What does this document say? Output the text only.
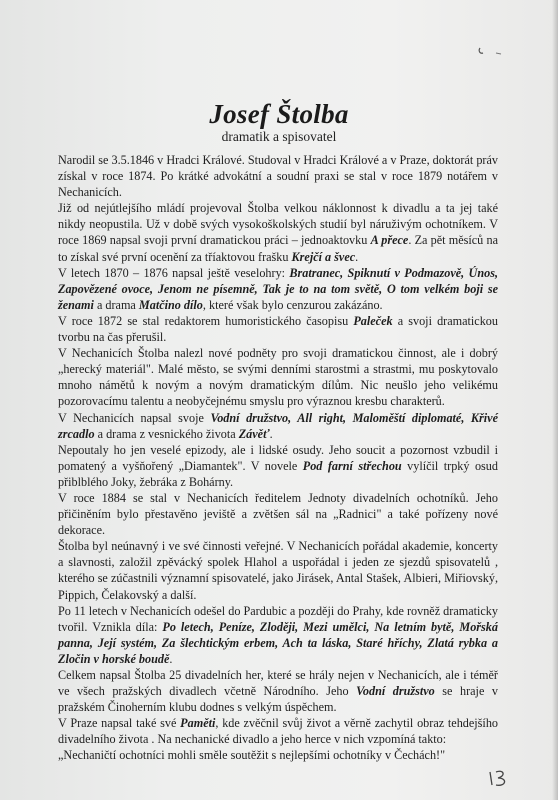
Josef Štolba
dramatik a spisovatel

Narodil se 3.5.1846 v Hradci Králové. Studoval v Hradci Králové a v Praze, doktorát práv získal v roce 1874. Po krátké advokátní a soudní praxi se stal v roce 1879 notářem v Nechanicích.

Již od nejútlejšího mládí projevoval Štolba velkou náklonnost k divadlu a ta jej také nikdy neopustila. Už v době svých vysokoškolských studií byl náruživým ochotníkem. V roce 1869 napsal svoji první dramatickou práci – jednoaktovku A přece. Za pět měsíců na to získal své první ocenění za tříaktovou frašku Krejčí a švec.

V letech 1870 – 1876 napsal ještě veselohry: Bratranec, Spiknutí v Podmazově, Únos, Zapovězené ovoce, Jenom ne písemně, Tak je to na tom světě, O tom velkém boji se ženami a drama Matčino dílo, které však bylo cenzurou zakázáno.

V roce 1872 se stal redaktorem humoristického časopisu Paleček a svoji dramatickou tvorbu na čas přerušil.

V Nechanicích Štolba nalezl nové podněty pro svoji dramatickou činnost, ale i dobrý „herecký materiál". Malé město, se svými denními starostmi a strastmi, mu poskytovalo mnoho námětů k novým a novým dramatickým dílům. Nic neušlo jeho velikému pozorovacímu talentu a neobyčejnému smyslu pro výraznou kresbu charakterů.

V Nechanicích napsal svoje Vodní družstvo, All right, Maloměští diplomaté, Křivé zrcadlo a drama z vesnického života Závěť.

Nepoutaly ho jen veselé epizody, ale i lidské osudy. Jeho soucit a pozornost vzbudil i pomatený a vyšňořený „Diamantek". V novele Pod farní střechou vylíčil trpký osud přiblblého Joky, žebráka z Bohárny.

V roce 1884 se stal v Nechanicích ředitelem Jednoty divadelních ochotníků. Jeho přičiněním bylo přestavěno jeviště a zvětšen sál na „Radnici" a také pořízeny nové dekorace.

Štolba byl neúnavný i ve své činnosti veřejné. V Nechanicích pořádal akademie, koncerty a slavnosti, založil zpěvácký spolek Hlahol a uspořádal i jeden ze sjezdů spisovatelů , kterého se zúčastnili významní spisovatelé, jako Jirásek, Antal Stašek, Albieri, Miřiovský, Pippich, Čelakovský a další.

Po 11 letech v Nechanicích odešel do Pardubic a později do Prahy, kde rovněž dramaticky tvořil. Vznikla díla: Po letech, Peníze, Zloději, Mezi umělci, Na letním bytě, Mořská panna, Její systém, Za šlechtickým erbem, Ach ta láska, Staré hříchy, Zlatá rybka a Zločin v horské boudě.

Celkem napsal Štolba 25 divadelních her, které se hrály nejen v Nechanicích, ale i téměř ve všech pražských divadlech včetně Národního. Jeho Vodní družstvo se hraje v pražském Činoherním klubu dodnes s velkým úspěchem.

V Praze napsal také své Paměti, kde zvěčnil svůj život a věrně zachytil obraz tehdejšího divadelního života . Na nechanické divadlo a jeho herce v nich vzpomíná takto:

„Nechaničtí ochotníci mohli směle soutěžit s nejlepšími ochotníky v Čechách!"
